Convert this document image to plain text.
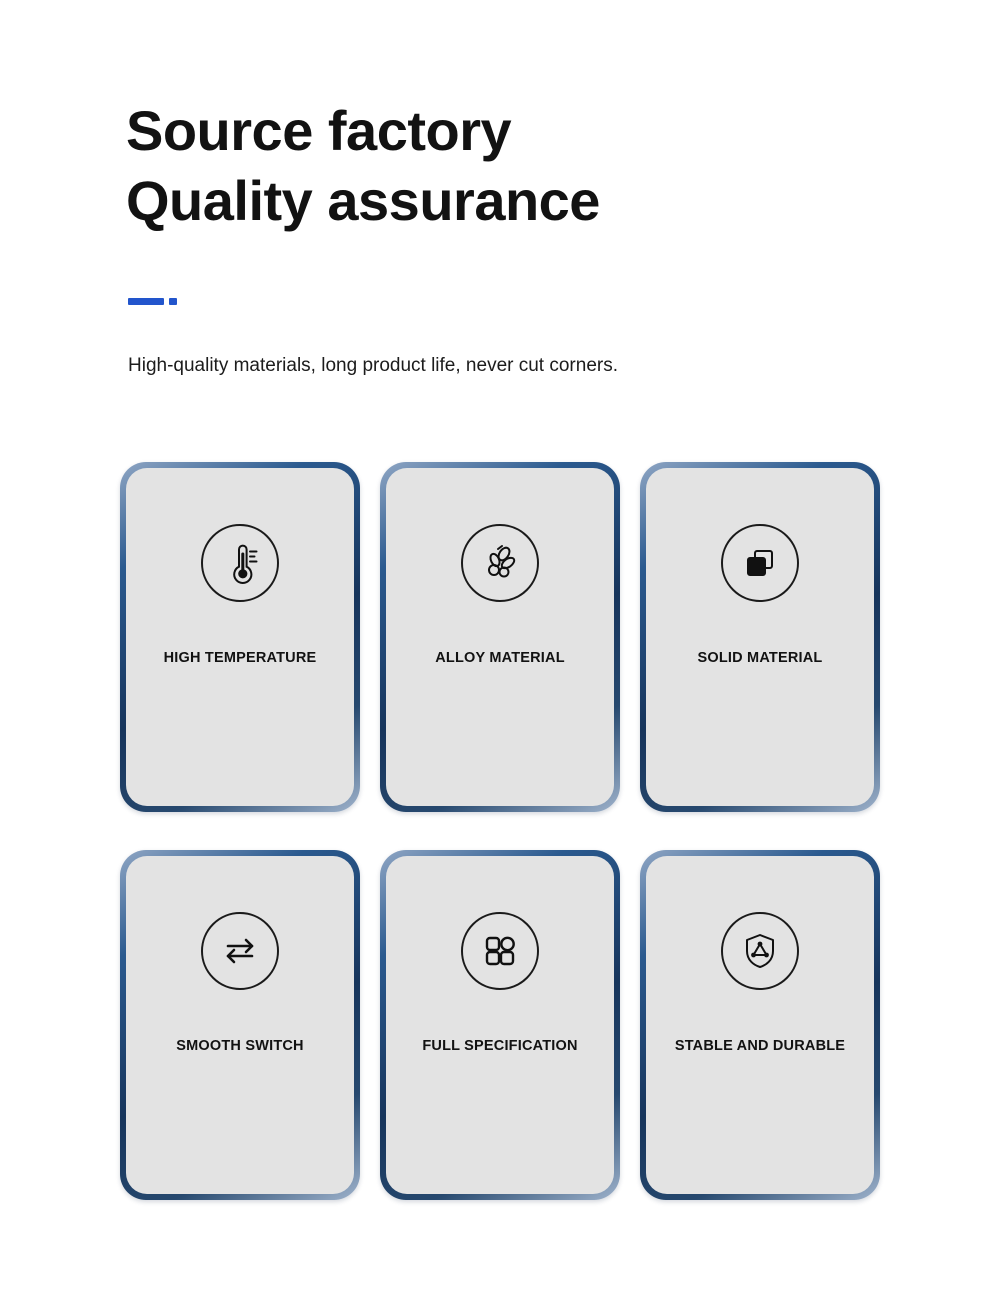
Source factory
Quality assurance
High-quality materials, long product life, never cut corners.
HIGH TEMPERATURE	ALLOY MATERIAL	SOLID MATERIAL
SMOOTH SWITCH	FULL SPECIFICATION	STABLE AND DURABLE
